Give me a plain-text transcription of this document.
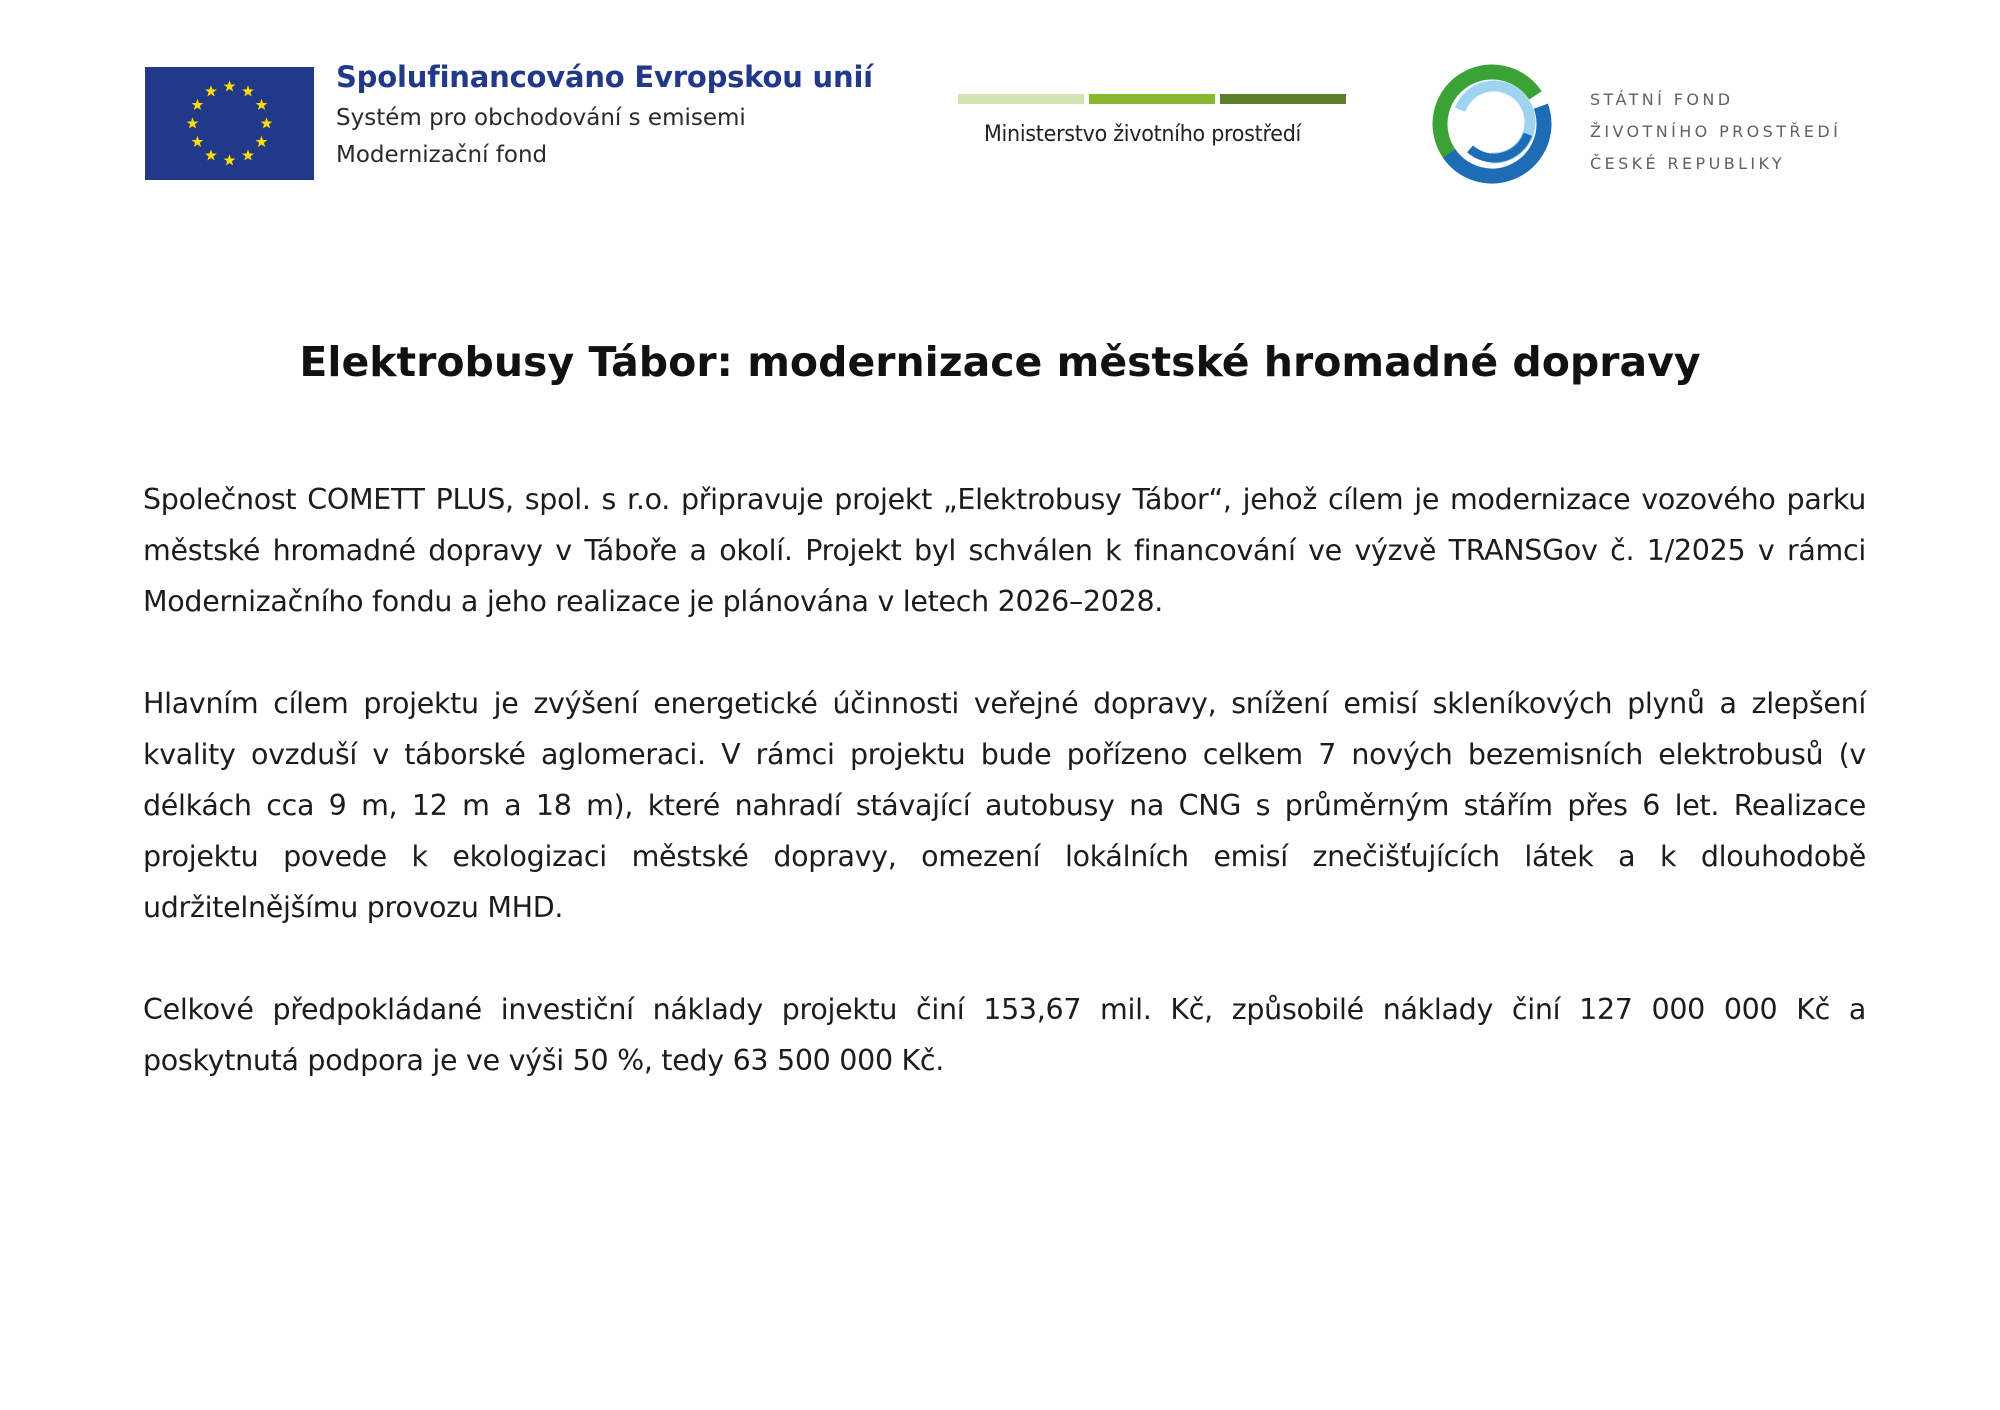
Spolufinancováno Evropskou unií
Systém pro obchodování s emisemi
Modernizační fond
Ministerstvo životního prostředí
STÁTNÍ FOND
ŽIVOTNÍHO PROSTŘEDÍ
ČESKÉ REPUBLIKY
Elektrobusy Tábor: modernizace městské hromadné dopravy

Společnost COMETT PLUS, spol. s r.o. připravuje projekt „Elektrobusy Tábor“, jehož cílem je modernizace vozového parku městské hromadné dopravy v Táboře a okolí. Projekt byl schválen k financování ve výzvě TRANSGov č. 1/2025 v rámci Modernizačního fondu a jeho realizace je plánována v letech 2026–2028.

Hlavním cílem projektu je zvýšení energetické účinnosti veřejné dopravy, snížení emisí skleníkových plynů a zlepšení kvality ovzduší v táborské aglomeraci. V rámci projektu bude pořízeno celkem 7 nových bezemisních elektrobusů (v délkách cca 9 m, 12 m a 18 m), které nahradí stávající autobusy na CNG s průměrným stářím přes 6 let. Realizace projektu povede k ekologizaci městské dopravy, omezení lokálních emisí znečišťujících látek a k dlouhodobě udržitelnějšímu provozu MHD.

Celkové předpokládané investiční náklady projektu činí 153,67 mil. Kč, způsobilé náklady činí 127 000 000 Kč a poskytnutá podpora je ve výši 50 %, tedy 63 500 000 Kč.
